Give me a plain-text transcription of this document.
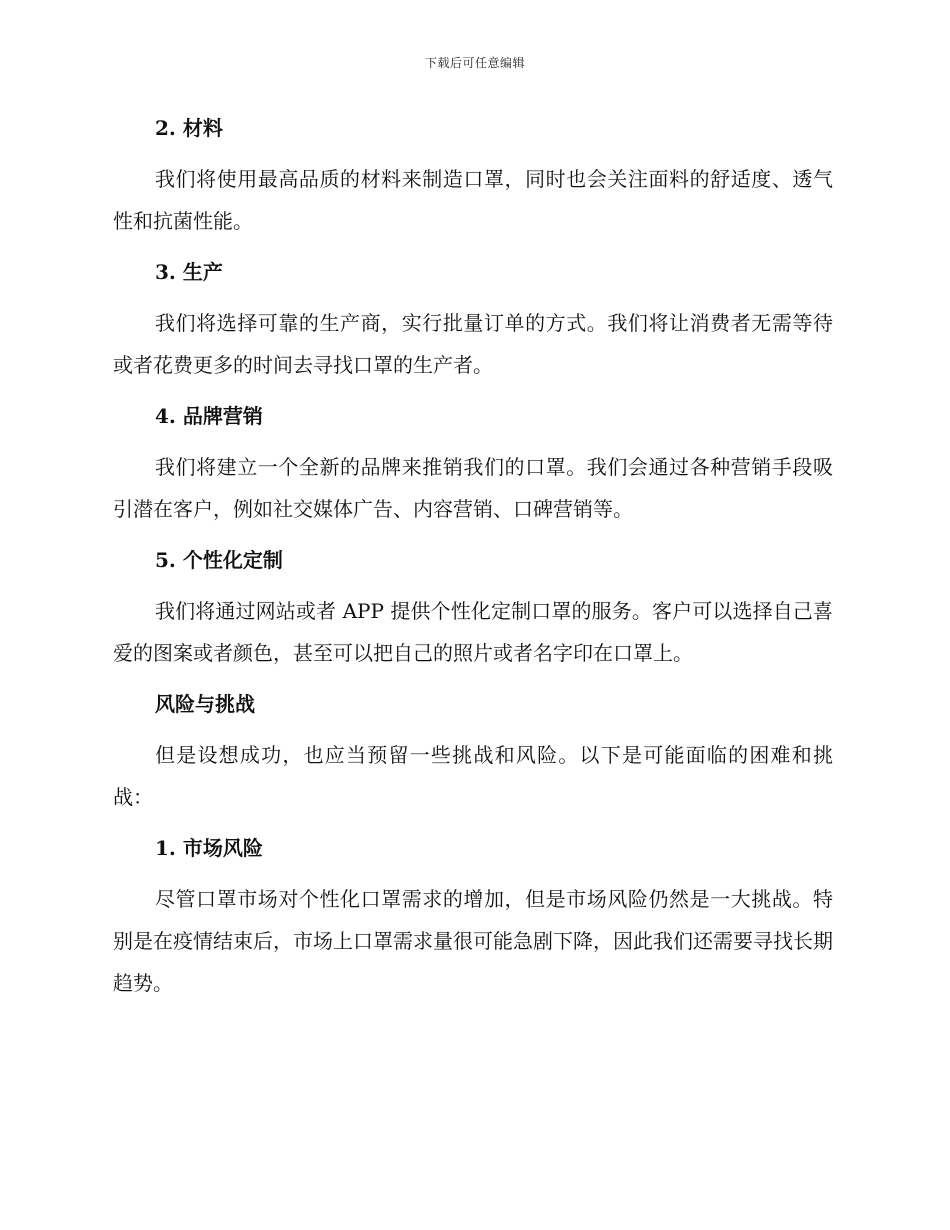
下载后可任意编辑
2. 材料

我们将使用最高品质的材料来制造口罩，同时也会关注面料的舒适度、透气性和抗菌性能。

3. 生产

我们将选择可靠的生产商，实行批量订单的方式。我们将让消费者无需等待或者花费更多的时间去寻找口罩的生产者。

4. 品牌营销

我们将建立一个全新的品牌来推销我们的口罩。我们会通过各种营销手段吸引潜在客户，例如社交媒体广告、内容营销、口碑营销等。

5. 个性化定制

我们将通过网站或者 APP 提供个性化定制口罩的服务。客户可以选择自己喜爱的图案或者颜色，甚至可以把自己的照片或者名字印在口罩上。

风险与挑战

但是设想成功，也应当预留一些挑战和风险。以下是可能面临的困难和挑战：

1. 市场风险

尽管口罩市场对个性化口罩需求的增加，但是市场风险仍然是一大挑战。特别是在疫情结束后，市场上口罩需求量很可能急剧下降，因此我们还需要寻找长期趋势。
